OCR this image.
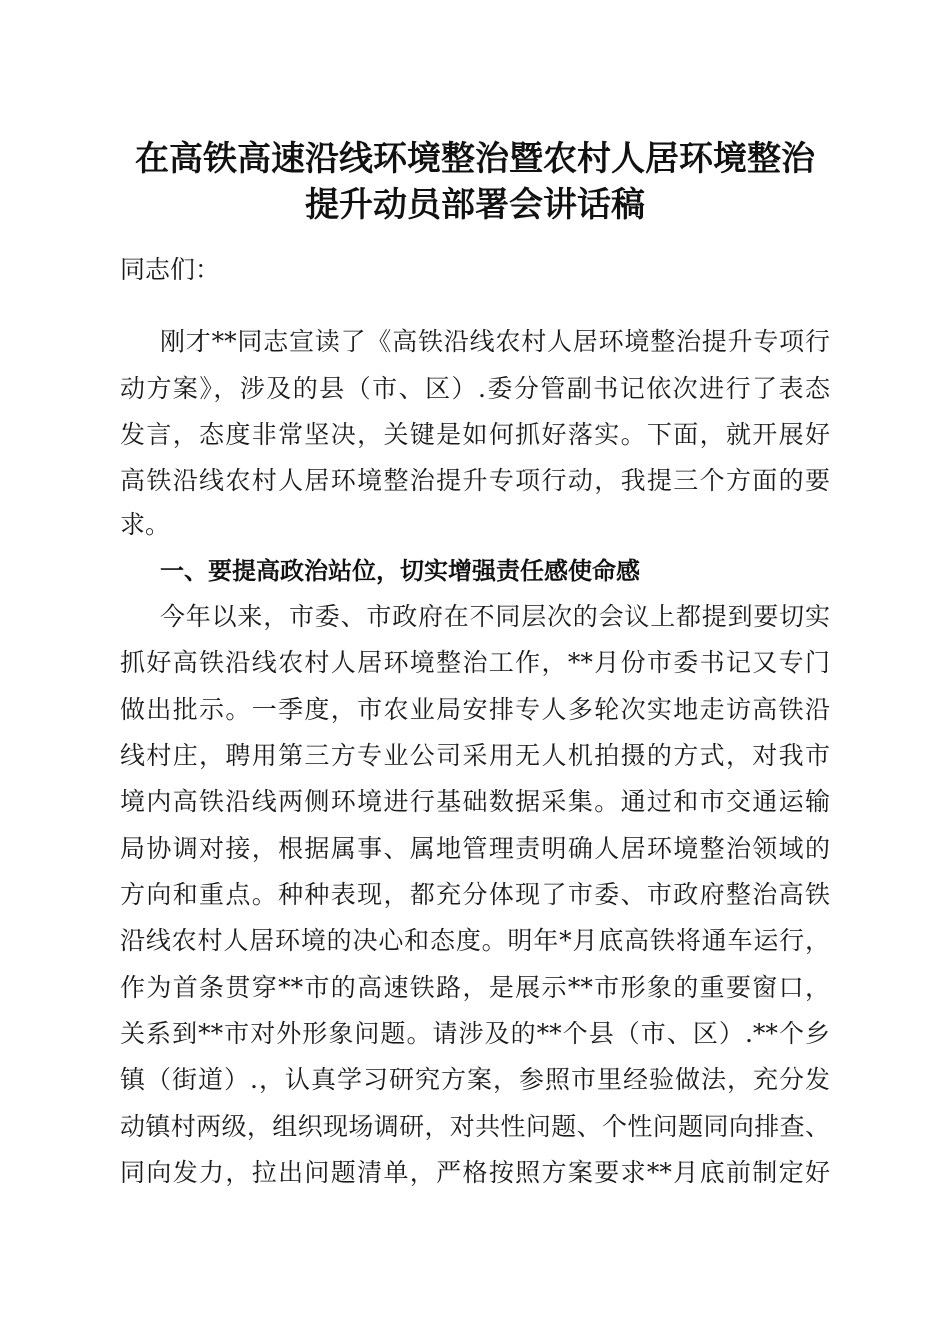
在高铁高速沿线环境整治暨农村人居环境整治
提升动员部署会讲话稿

同志们：

刚才**同志宣读了《高铁沿线农村人居环境整治提升专项行

动方案》，涉及的县（市、区）.委分管副书记依次进行了表态

发言，态度非常坚决，关键是如何抓好落实。下面，就开展好

高铁沿线农村人居环境整治提升专项行动，我提三个方面的要

求。

一、要提高政治站位，切实增强责任感使命感

今年以来，市委、市政府在不同层次的会议上都提到要切实

抓好高铁沿线农村人居环境整治工作，**月份市委书记又专门

做出批示。一季度，市农业局安排专人多轮次实地走访高铁沿

线村庄，聘用第三方专业公司采用无人机拍摄的方式，对我市

境内高铁沿线两侧环境进行基础数据采集。通过和市交通运输

局协调对接，根据属事、属地管理责明确人居环境整治领域的

方向和重点。种种表现，都充分体现了市委、市政府整治高铁

沿线农村人居环境的决心和态度。明年*月底高铁将通车运行，

作为首条贯穿**市的高速铁路，是展示**市形象的重要窗口，

关系到**市对外形象问题。请涉及的**个县（市、区）.**个乡

镇（街道）.，认真学习研究方案，参照市里经验做法，充分发

动镇村两级，组织现场调研，对共性问题、个性问题同向排查、

同向发力，拉出问题清单，严格按照方案要求**月底前制定好
